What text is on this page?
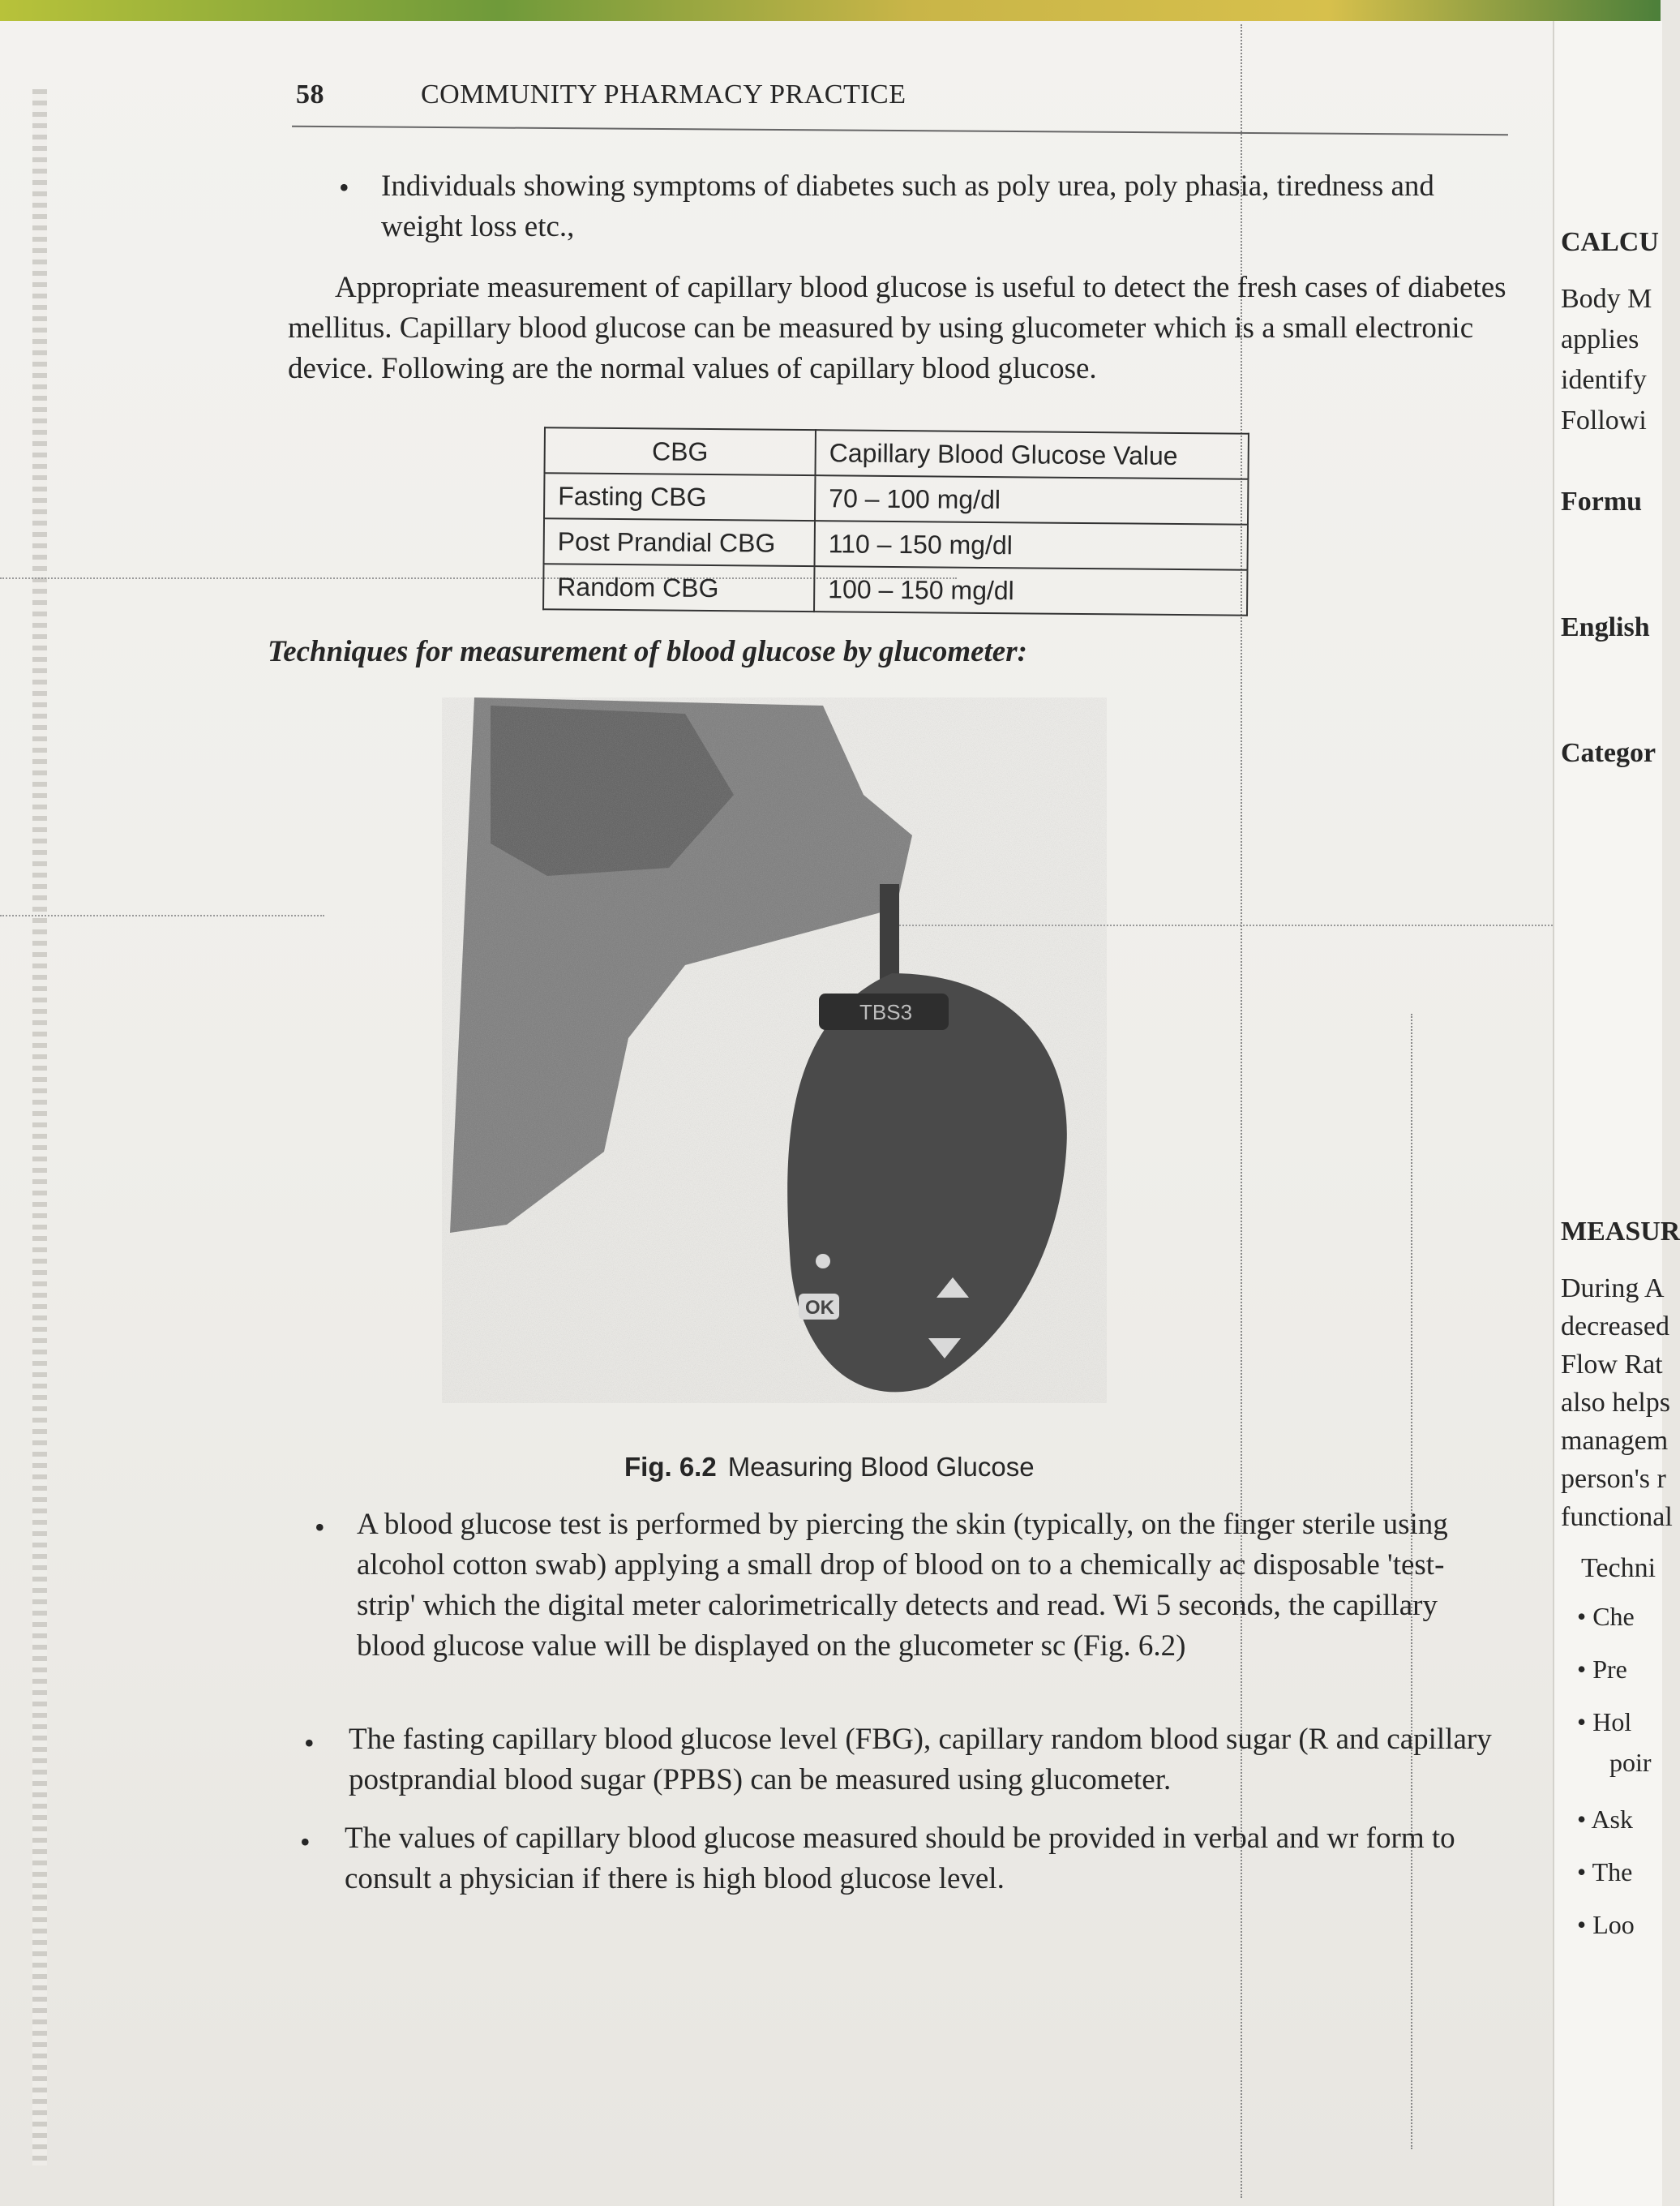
58	COMMUNITY PHARMACY PRACTICE
• Individuals showing symptoms of diabetes such as poly urea, poly phasia, tiredness and weight loss etc.,
Appropriate measurement of capillary blood glucose is useful to detect the fresh cases of diabetes mellitus. Capillary blood glucose can be measured by using glucometer which is a small electronic device. Following are the normal values of capillary blood glucose.
CBG	Capillary Blood Glucose Value
Fasting CBG	70 – 100 mg/dl
Post Prandial CBG	110 – 150 mg/dl
Random CBG	100 – 150 mg/dl
Techniques for measurement of blood glucose by glucometer:
TBS3
OK
Fig. 6.2 Measuring Blood Glucose
• A blood glucose test is performed by piercing the skin (typically, on the finger sterile using alcohol cotton swab) applying a small drop of blood on to a chemically ac disposable 'test-strip' which the digital meter calorimetrically detects and read. Wi 5 seconds, the capillary blood glucose value will be displayed on the glucometer sc (Fig. 6.2)
• The fasting capillary blood glucose level (FBG), capillary random blood sugar (R and capillary postprandial blood sugar (PPBS) can be measured using glucometer.
• The values of capillary blood glucose measured should be provided in verbal and wr form to consult a physician if there is high blood glucose level.
CALCU
Body M
applies
identify
Followi
Formu
English
Categor
MEASUR
During A
decreased
Flow Rat
also helps
managem
person's r
functional
Techni
• Che
• Pre
• Hol
poir
• Ask
• The
• Loo
